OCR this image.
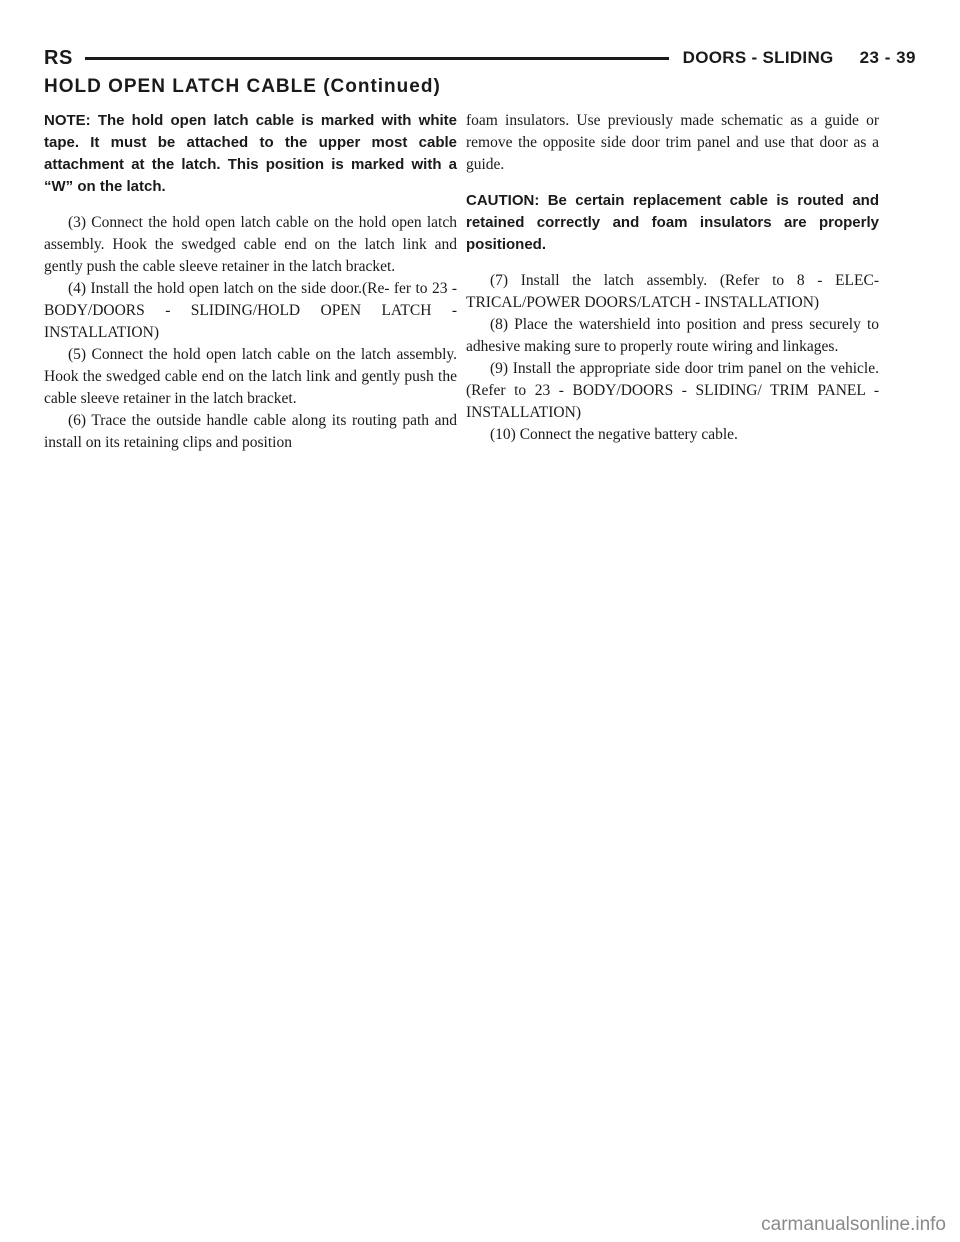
RS	DOORS - SLIDING 23 - 39
HOLD OPEN LATCH CABLE (Continued)

NOTE: The hold open latch cable is marked with white tape. It must be attached to the upper most cable attachment at the latch. This position is marked with a “W” on the latch.

(3) Connect the hold open latch cable on the hold open latch assembly. Hook the swedged cable end on the latch link and gently push the cable sleeve retainer in the latch bracket.

(4) Install the hold open latch on the side door.(Re- fer to 23 - BODY/DOORS - SLIDING/HOLD OPEN LATCH - INSTALLATION)

(5) Connect the hold open latch cable on the latch assembly. Hook the swedged cable end on the latch link and gently push the cable sleeve retainer in the latch bracket.

(6) Trace the outside handle cable along its routing path and install on its retaining clips and position

foam insulators. Use previously made schematic as a guide or remove the opposite side door trim panel and use that door as a guide.

CAUTION: Be certain replacement cable is routed and retained correctly and foam insulators are properly positioned.

(7) Install the latch assembly. (Refer to 8 - ELEC- TRICAL/POWER DOORS/LATCH - INSTALLATION)

(8) Place the watershield into position and press securely to adhesive making sure to properly route wiring and linkages.

(9) Install the appropriate side door trim panel on the vehicle. (Refer to 23 - BODY/DOORS - SLIDING/ TRIM PANEL - INSTALLATION)

(10) Connect the negative battery cable.

carmanualsonline.info
